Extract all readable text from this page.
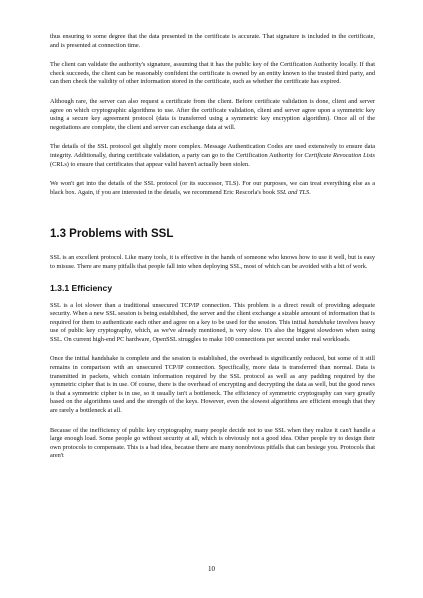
thus ensuring to some degree that the data presented in the certificate is accurate. That signature is included in the certificate, and is presented at connection time.

The client can validate the authority's signature, assuming that it has the public key of the Certification Authority locally. If that check succeeds, the client can be reasonably confident the certificate is owned by an entity known to the trusted third party, and can then check the validity of other information stored in the certificate, such as whether the certificate has expired.

Although rare, the server can also request a certificate from the client. Before certificate validation is done, client and server agree on which cryptographic algorithms to use. After the certificate validation, client and server agree upon a symmetric key using a secure key agreement protocol (data is transferred using a symmetric key encryption algorithm). Once all of the negotiations are complete, the client and server can exchange data at will.

The details of the SSL protocol get slightly more complex. Message Authentication Codes are used extensively to ensure data integrity. Additionally, during certificate validation, a party can go to the Certification Authority for Certificate Revocation Lists (CRLs) to ensure that certificates that appear valid haven't actually been stolen.

We won't get into the details of the SSL protocol (or its successor, TLS). For our purposes, we can treat everything else as a black box. Again, if you are interested in the details, we recommend Eric Rescorla's book SSL and TLS.

1.3 Problems with SSL

SSL is an excellent protocol. Like many tools, it is effective in the hands of someone who knows how to use it well, but is easy to misuse. There are many pitfalls that people fall into when deploying SSL, most of which can be avoided with a bit of work.

1.3.1 Efficiency

SSL is a lot slower than a traditional unsecured TCP/IP connection. This problem is a direct result of providing adequate security. When a new SSL session is being established, the server and the client exchange a sizable amount of information that is required for them to authenticate each other and agree on a key to be used for the session. This initial handshake involves heavy use of public key cryptography, which, as we've already mentioned, is very slow. It's also the biggest slowdown when using SSL. On current high-end PC hardware, OpenSSL struggles to make 100 connections per second under real workloads.

Once the initial handshake is complete and the session is established, the overhead is significantly reduced, but some of it still remains in comparison with an unsecured TCP/IP connection. Specifically, more data is transferred than normal. Data is transmitted in packets, which contain information required by the SSL protocol as well as any padding required by the symmetric cipher that is in use. Of course, there is the overhead of encrypting and decrypting the data as well, but the good news is that a symmetric cipher is in use, so it usually isn't a bottleneck. The efficiency of symmetric cryptography can vary greatly based on the algorithms used and the strength of the keys. However, even the slowest algorithms are efficient enough that they are rarely a bottleneck at all.

Because of the inefficiency of public key cryptography, many people decide not to use SSL when they realize it can't handle a large enough load. Some people go without security at all, which is obviously not a good idea. Other people try to design their own protocols to compensate. This is a bad idea, because there are many nonobvious pitfalls that can besiege you. Protocols that aren't

10
